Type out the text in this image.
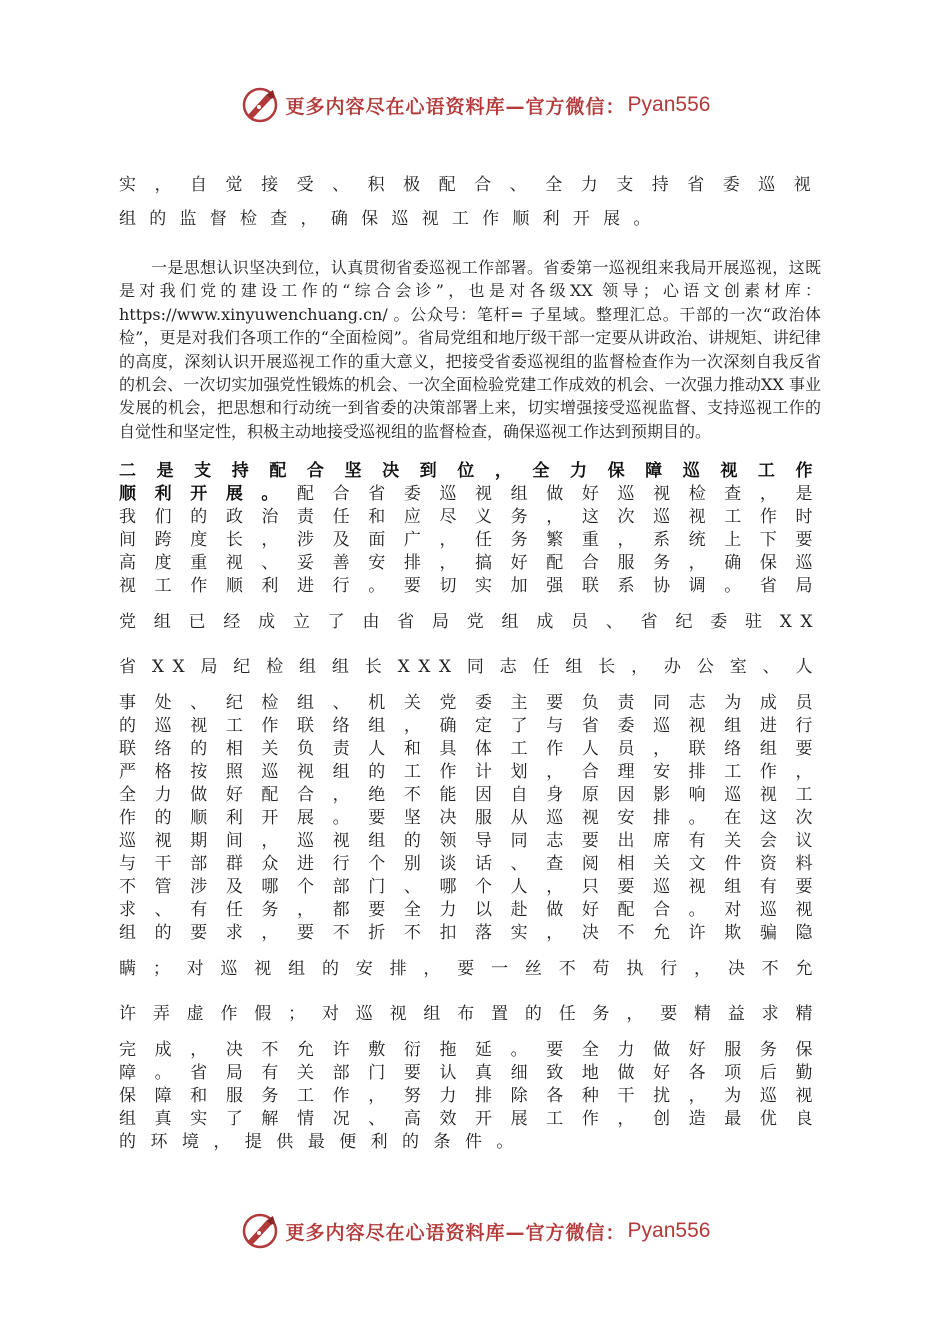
更多内容尽在心语资料库—官方微信： Pyan556
实，自觉接受、积极配合、全力支持省委巡视
组的监督检查，确保巡视工作顺利开展。

一是思想认识坚决到位，认真贯彻省委巡视工作部署。省委第一巡视组来我局开展巡视，这既是对我们党的建设工作的“综合会诊”，也是对各级XX 领导；心语文创素材库：https://www.xinyuwenchuang.cn/ 。公众号：笔杆= 子星域。整理汇总。干部的一次“政治体检”，更是对我们各项工作的“全面检阅”。省局党组和地厅级干部一定要从讲政治、讲规矩、讲纪律的高度，深刻认识开展巡视工作的重大意义，把接受省委巡视组的监督检查作为一次深刻自我反省的机会、一次切实加强党性锻炼的机会、一次全面检验党建工作成效的机会、一次强力推动XX 事业发展的机会，把思想和行动统一到省委的决策部署上来，切实增强接受巡视监督、支持巡视工作的自觉性和坚定性，积极主动地接受巡视组的监督检查，确保巡视工作达到预期目的。

二是支持配合坚决到位，全力保障巡视工作
顺利开展。配合省委巡视组做好巡视检查，是
我们的政治责任和应尽义务，这次巡视工作时
间跨度长，涉及面广，任务繁重，系统上下要
高度重视、妥善安排，搞好配合服务，确保巡
视工作顺利进行。要切实加强联系协调。省局
党组已经成立了由省局党组成员、省纪委驻XX
省XX局纪检组组长XXX同志任组长，办公室、人
事处、纪检组、机关党委主要负责同志为成员
的巡视工作联络组，确定了与省委巡视组进行
联络的相关负责人和具体工作人员，联络组要
严格按照巡视组的工作计划，合理安排工作，
全力做好配合，绝不能因自身原因影响巡视工
作的顺利开展。要坚决服从巡视安排。在这次
巡视期间，巡视组的领导同志要出席有关会议
与干部群众进行个别谈话、查阅相关文件资料
不管涉及哪个部门、哪个人，只要巡视组有要
求、有任务，都要全力以赴做好配合。对巡视
组的要求，要不折不扣落实，决不允许欺骗隐
瞒；对巡视组的安排，要一丝不苟执行，决不允
许弄虚作假；对巡视组布置的任务，要精益求精
完成，决不允许敷衍拖延。要全力做好服务保
障。省局有关部门要认真细致地做好各项后勤
保障和服务工作，努力排除各种干扰，为巡视
组真实了解情况、高效开展工作，创造最优良
的环境，提供最便利的条件。
更多内容尽在心语资料库—官方微信： Pyan556
